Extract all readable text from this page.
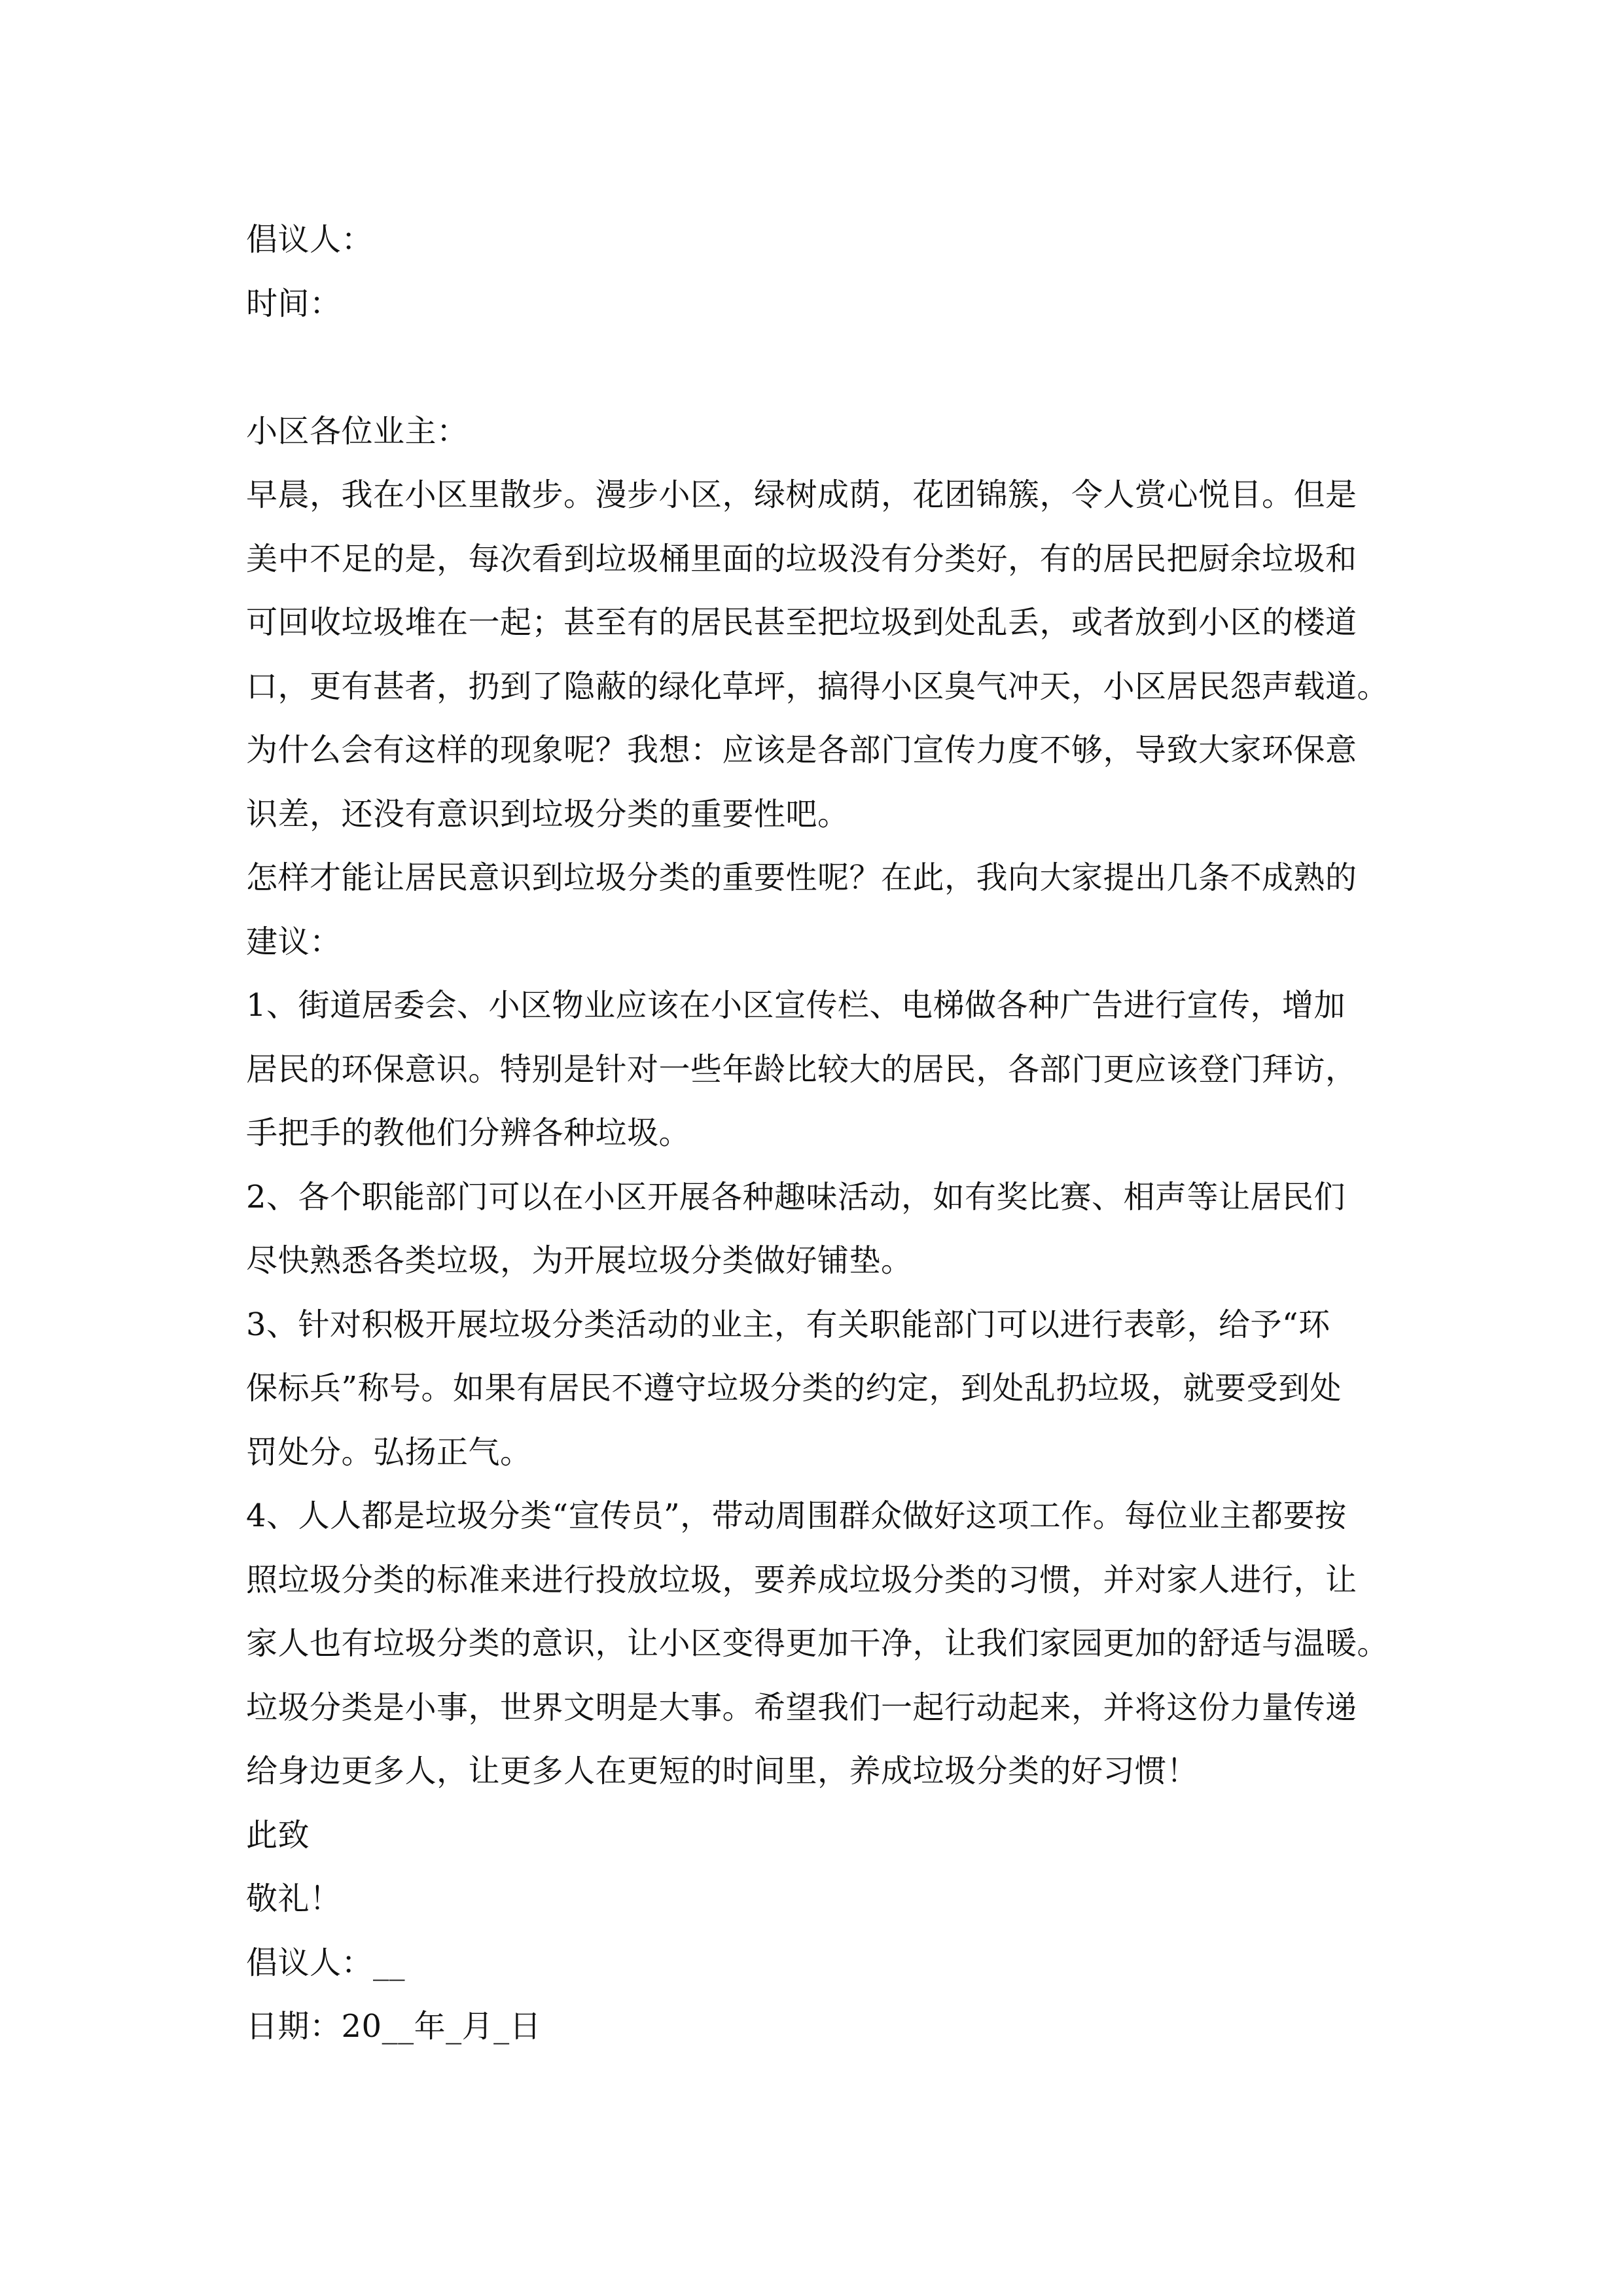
倡议人：
时间：
小区各位业主：
早晨，我在小区里散步。漫步小区，绿树成荫，花团锦簇，令人赏心悦目。但是
美中不足的是，每次看到垃圾桶里面的垃圾没有分类好，有的居民把厨余垃圾和
可回收垃圾堆在一起；甚至有的居民甚至把垃圾到处乱丢，或者放到小区的楼道
口，更有甚者，扔到了隐蔽的绿化草坪，搞得小区臭气冲天，小区居民怨声载道。
为什么会有这样的现象呢？我想：应该是各部门宣传力度不够，导致大家环保意
识差，还没有意识到垃圾分类的重要性吧。
怎样才能让居民意识到垃圾分类的重要性呢？在此，我向大家提出几条不成熟的
建议：
1、街道居委会、小区物业应该在小区宣传栏、电梯做各种广告进行宣传，增加
居民的环保意识。特别是针对一些年龄比较大的居民，各部门更应该登门拜访，
手把手的教他们分辨各种垃圾。
2、各个职能部门可以在小区开展各种趣味活动，如有奖比赛、相声等让居民们
尽快熟悉各类垃圾，为开展垃圾分类做好铺垫。
3、针对积极开展垃圾分类活动的业主，有关职能部门可以进行表彰，给予“环
保标兵”称号。如果有居民不遵守垃圾分类的约定，到处乱扔垃圾，就要受到处
罚处分。弘扬正气。
4、人人都是垃圾分类“宣传员”，带动周围群众做好这项工作。每位业主都要按
照垃圾分类的标准来进行投放垃圾，要养成垃圾分类的习惯，并对家人进行，让
家人也有垃圾分类的意识，让小区变得更加干净，让我们家园更加的舒适与温暖。
垃圾分类是小事，世界文明是大事。希望我们一起行动起来，并将这份力量传递
给身边更多人，让更多人在更短的时间里，养成垃圾分类的好习惯！
此致
敬礼！
倡议人：__
日期：20__年_月_日
